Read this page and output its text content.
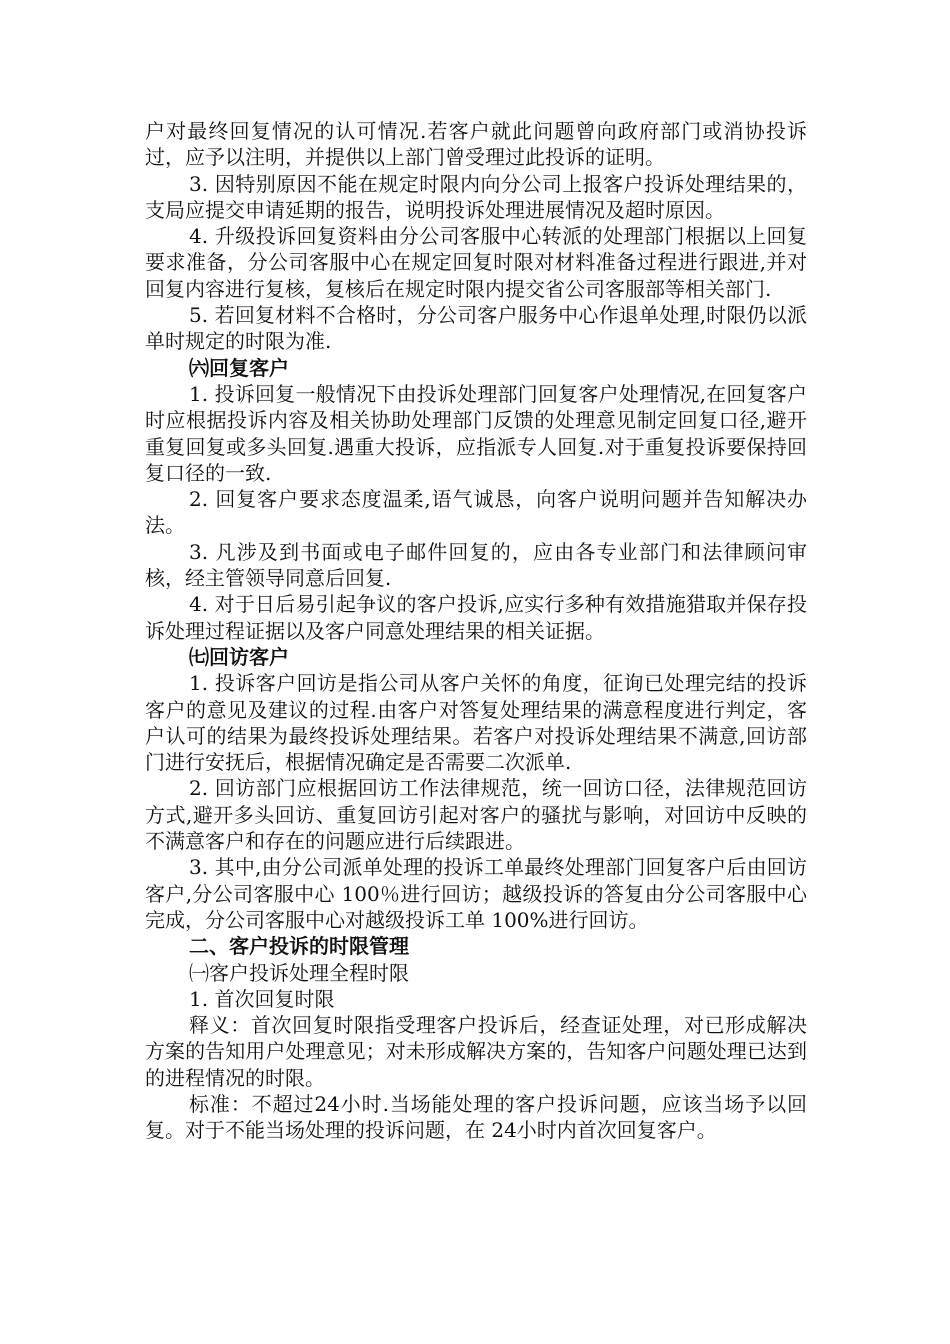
户对最终回复情况的认可情况.若客户就此问题曾向政府部门或消协投诉过，应予以注明，并提供以上部门曾受理过此投诉的证明。

3. 因特别原因不能在规定时限内向分公司上报客户投诉处理结果的，支局应提交申请延期的报告，说明投诉处理进展情况及超时原因。

4. 升级投诉回复资料由分公司客服中心转派的处理部门根据以上回复要求准备，分公司客服中心在规定回复时限对材料准备过程进行跟进,并对回复内容进行复核，复核后在规定时限内提交省公司客服部等相关部门.

5. 若回复材料不合格时，分公司客户服务中心作退单处理,时限仍以派单时规定的时限为准.

㈥回复客户

1. 投诉回复一般情况下由投诉处理部门回复客户处理情况,在回复客户时应根据投诉内容及相关协助处理部门反馈的处理意见制定回复口径,避开重复回复或多头回复.遇重大投诉，应指派专人回复.对于重复投诉要保持回复口径的一致.

2. 回复客户要求态度温柔,语气诚恳，向客户说明问题并告知解决办法。

3. 凡涉及到书面或电子邮件回复的，应由各专业部门和法律顾问审核，经主管领导同意后回复.

4. 对于日后易引起争议的客户投诉,应实行多种有效措施猎取并保存投诉处理过程证据以及客户同意处理结果的相关证据。

㈦回访客户

1. 投诉客户回访是指公司从客户关怀的角度，征询已处理完结的投诉客户的意见及建议的过程.由客户对答复处理结果的满意程度进行判定，客户认可的结果为最终投诉处理结果。若客户对投诉处理结果不满意,回访部门进行安抚后，根据情况确定是否需要二次派单.

2. 回访部门应根据回访工作法律规范，统一回访口径，法律规范回访方式,避开多头回访、重复回访引起对客户的骚扰与影响，对回访中反映的不满意客户和存在的问题应进行后续跟进。

3. 其中,由分公司派单处理的投诉工单最终处理部门回复客户后由回访客户,分公司客服中心 100％进行回访；越级投诉的答复由分公司客服中心完成，分公司客服中心对越级投诉工单 100%进行回访。

二、客户投诉的时限管理

㈠客户投诉处理全程时限

1. 首次回复时限

释义：首次回复时限指受理客户投诉后，经查证处理，对已形成解决方案的告知用户处理意见；对未形成解决方案的，告知客户问题处理已达到的进程情况的时限。

标准：不超过24小时.当场能处理的客户投诉问题，应该当场予以回复。对于不能当场处理的投诉问题，在 24小时内首次回复客户。
